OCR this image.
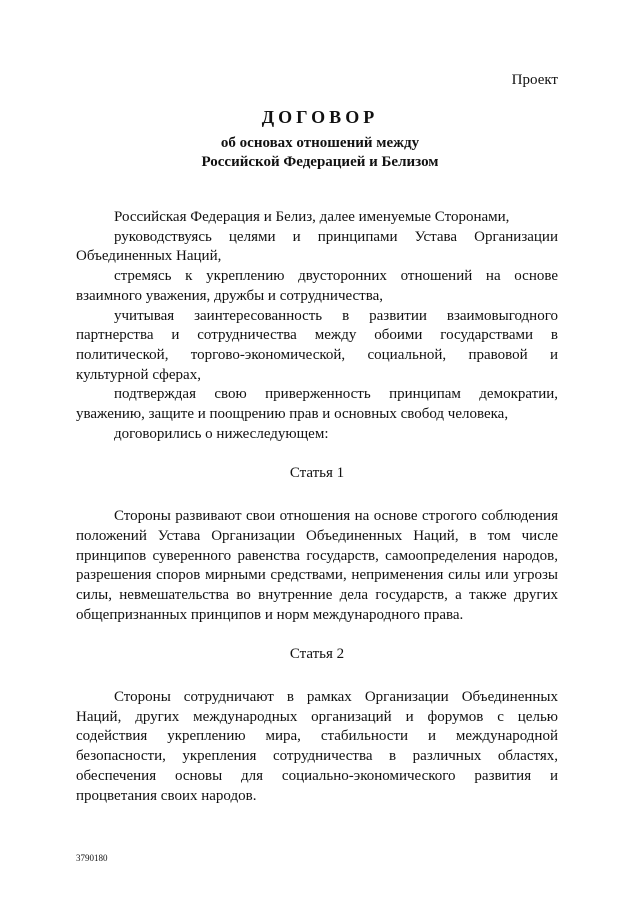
Проект
ДОГОВОР
об основах отношений между
Российской Федерацией и Белизом

Российская Федерация и Белиз, далее именуемые Сторонами,

руководствуясь целями и принципами Устава Организации Объединенных Наций,

стремясь к укреплению двусторонних отношений на основе взаимного уважения, дружбы и сотрудничества,

учитывая заинтересованность в развитии взаимовыгодного партнерства и сотрудничества между обоими государствами в политической, торгово-экономической, социальной, правовой и культурной сферах,

подтверждая свою приверженность принципам демократии, уважению, защите и поощрению прав и основных свобод человека,

договорились о нижеследующем:

Статья 1

Стороны развивают свои отношения на основе строгого соблюдения положений Устава Организации Объединенных Наций, в том числе принципов суверенного равенства государств, самоопределения народов, разрешения споров мирными средствами, неприменения силы или угрозы силы, невмешательства во внутренние дела государств, а также других общепризнанных принципов и норм международного права.

Статья 2

Стороны сотрудничают в рамках Организации Объединенных Наций, других международных организаций и форумов с целью содействия укреплению мира, стабильности и международной безопасности, укрепления сотрудничества в различных областях, обеспечения основы для социально-экономического развития и процветания своих народов.

3790180
